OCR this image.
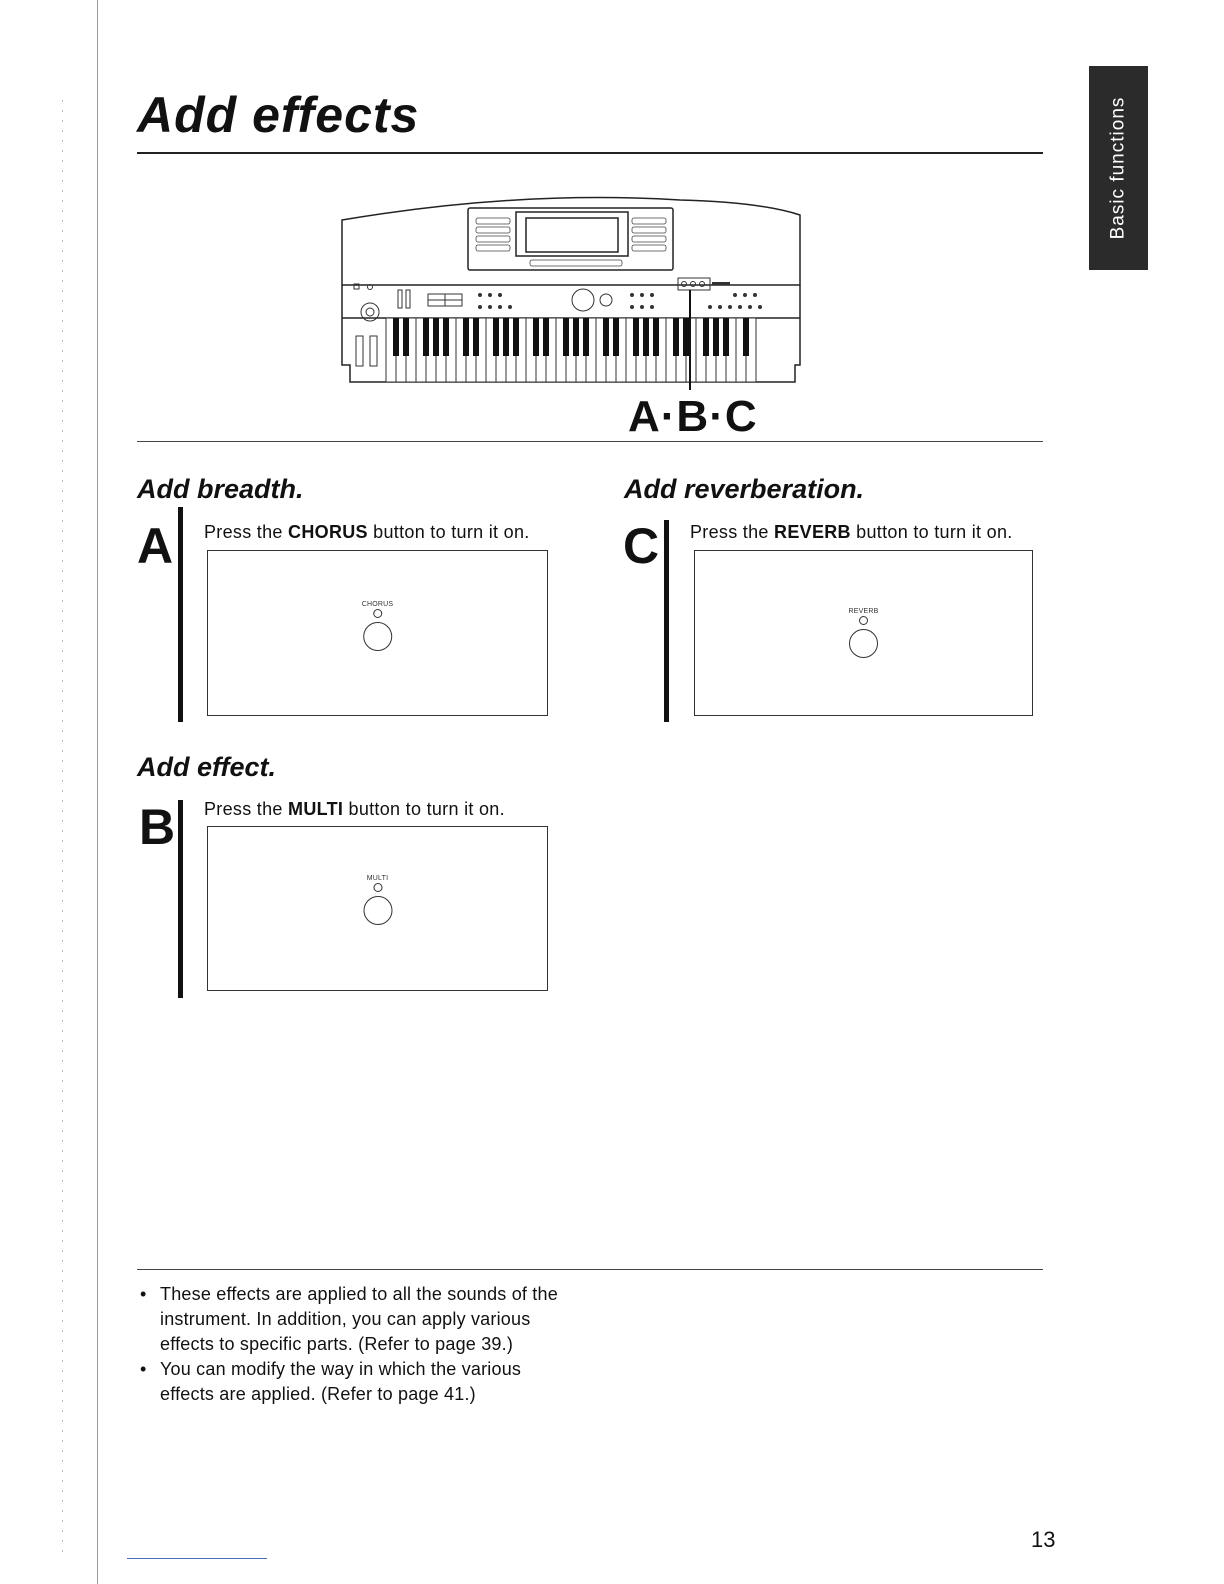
Add effects	Basic functions
A·B·C
Add breadth.
A Press the CHORUS button to turn it on.
CHORUS
Add reverberation.
C Press the REVERB button to turn it on.
REVERB
Add effect.
B Press the MULTI button to turn it on.
MULTI
• These effects are applied to all the sounds of the instrument. In addition, you can apply various effects to specific parts. (Refer to page 39.)
• You can modify the way in which the various effects are applied. (Refer to page 41.)
13
